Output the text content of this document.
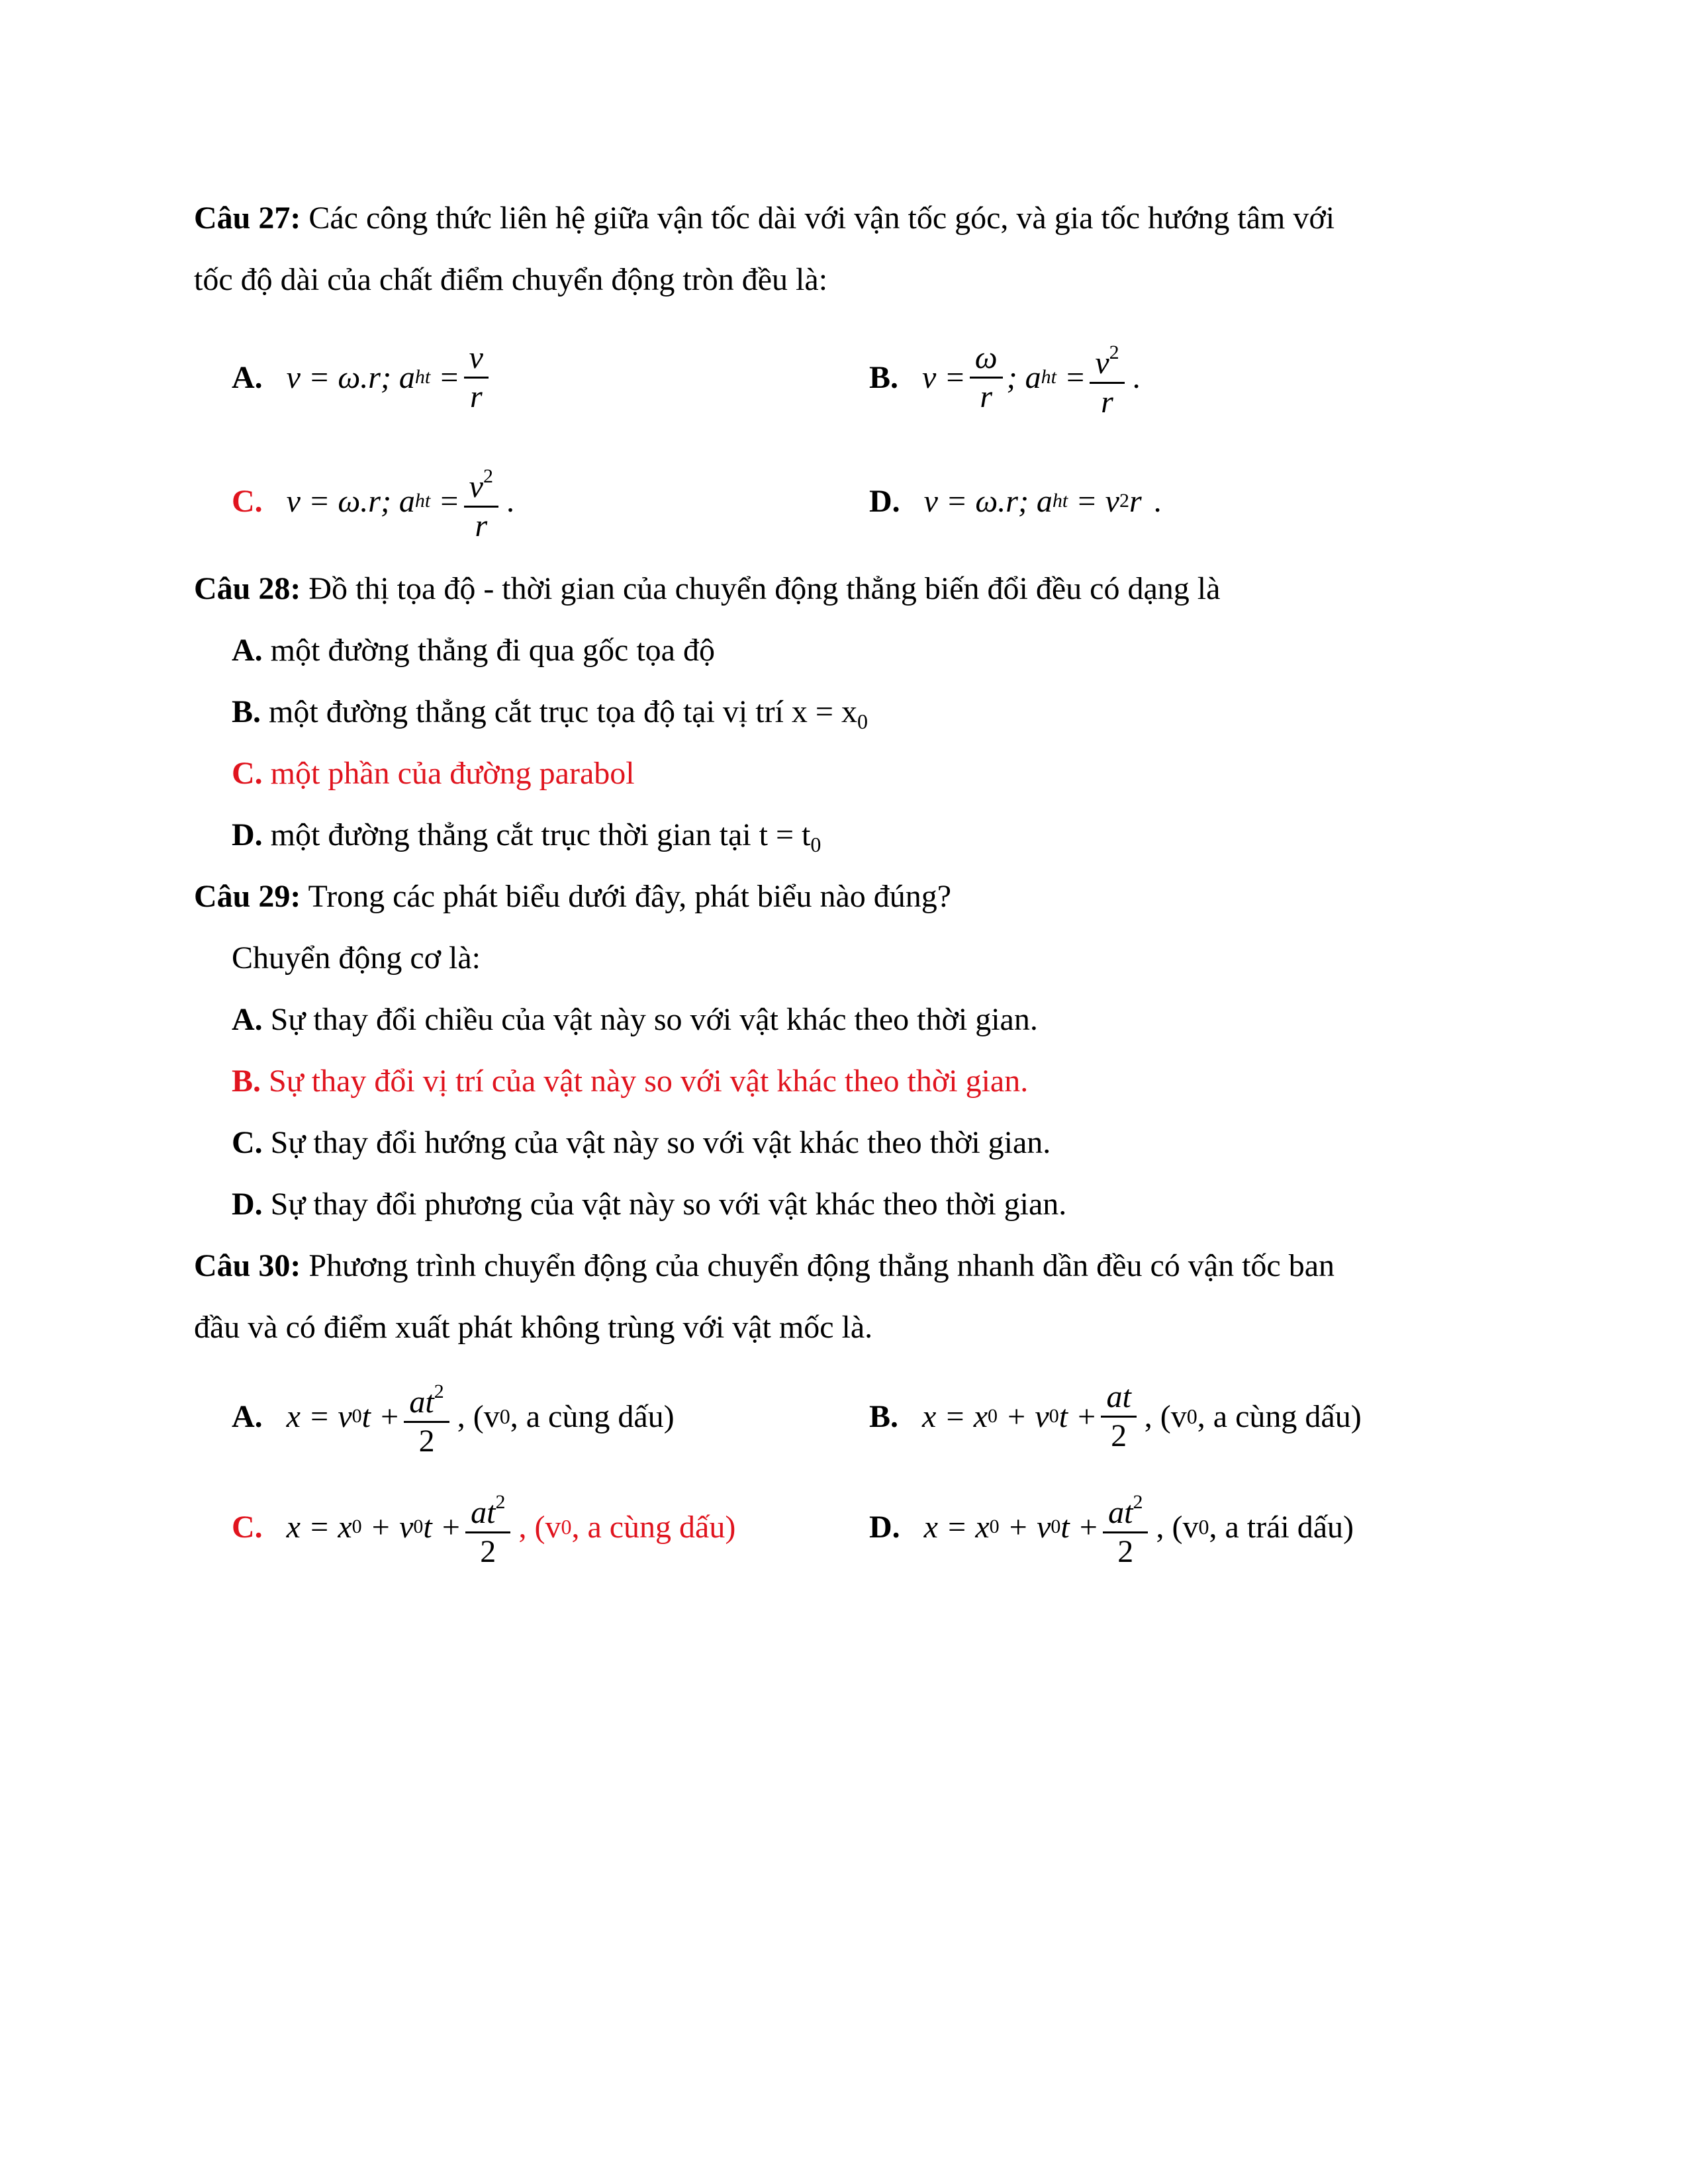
Câu 27: Các công thức liên hệ giữa vận tốc dài với vận tốc góc, và gia tốc hướng tâm với
tốc độ dài của chất điểm chuyển động tròn đều là:
A. v = ω.r; a ht = $\frac{v}{r}$	B. $v = \frac{\omega}{r}$ ; a ht = $\frac{v^2}{r}$ .
C. v = ω.r; a ht = $\frac{v^2}{r}$ .	D. v = ω.r; a ht = v 2 r .
Câu 28: Đồ thị tọa độ - thời gian của chuyển động thẳng biến đổi đều có dạng là
A. một đường thẳng đi qua gốc tọa độ
B. một đường thẳng cắt trục tọa độ tại vị trí $x = x_0$
C. một phần của đường parabol
D. một đường thẳng cắt trục thời gian tại $t = t_0$
Câu 29: Trong các phát biểu dưới đây, phát biểu nào đúng?
Chuyển động cơ là:
A. Sự thay đổi chiều của vật này so với vật khác theo thời gian.
B. Sự thay đổi vị trí của vật này so với vật khác theo thời gian.
C. Sự thay đổi hướng của vật này so với vật khác theo thời gian.
D. Sự thay đổi phương của vật này so với vật khác theo thời gian.
Câu 30: Phương trình chuyển động của chuyển động thẳng nhanh dần đều có vận tốc ban
đầu và có điểm xuất phát không trùng với vật mốc là.
A. x = v 0 $t + \frac{at^2}{2}$ , (v 0 , a cùng dấu)	B. x = x 0 + v 0 $t + \frac{at}{2}$ , (v 0 , a cùng dấu)
C. x = x 0 + v 0 $t + \frac{at^2}{2}$ , (v 0 , a cùng dấu)	D. x = x 0 + v 0 $t + \frac{at^2}{2}$ , (v 0 , a trái dấu)
